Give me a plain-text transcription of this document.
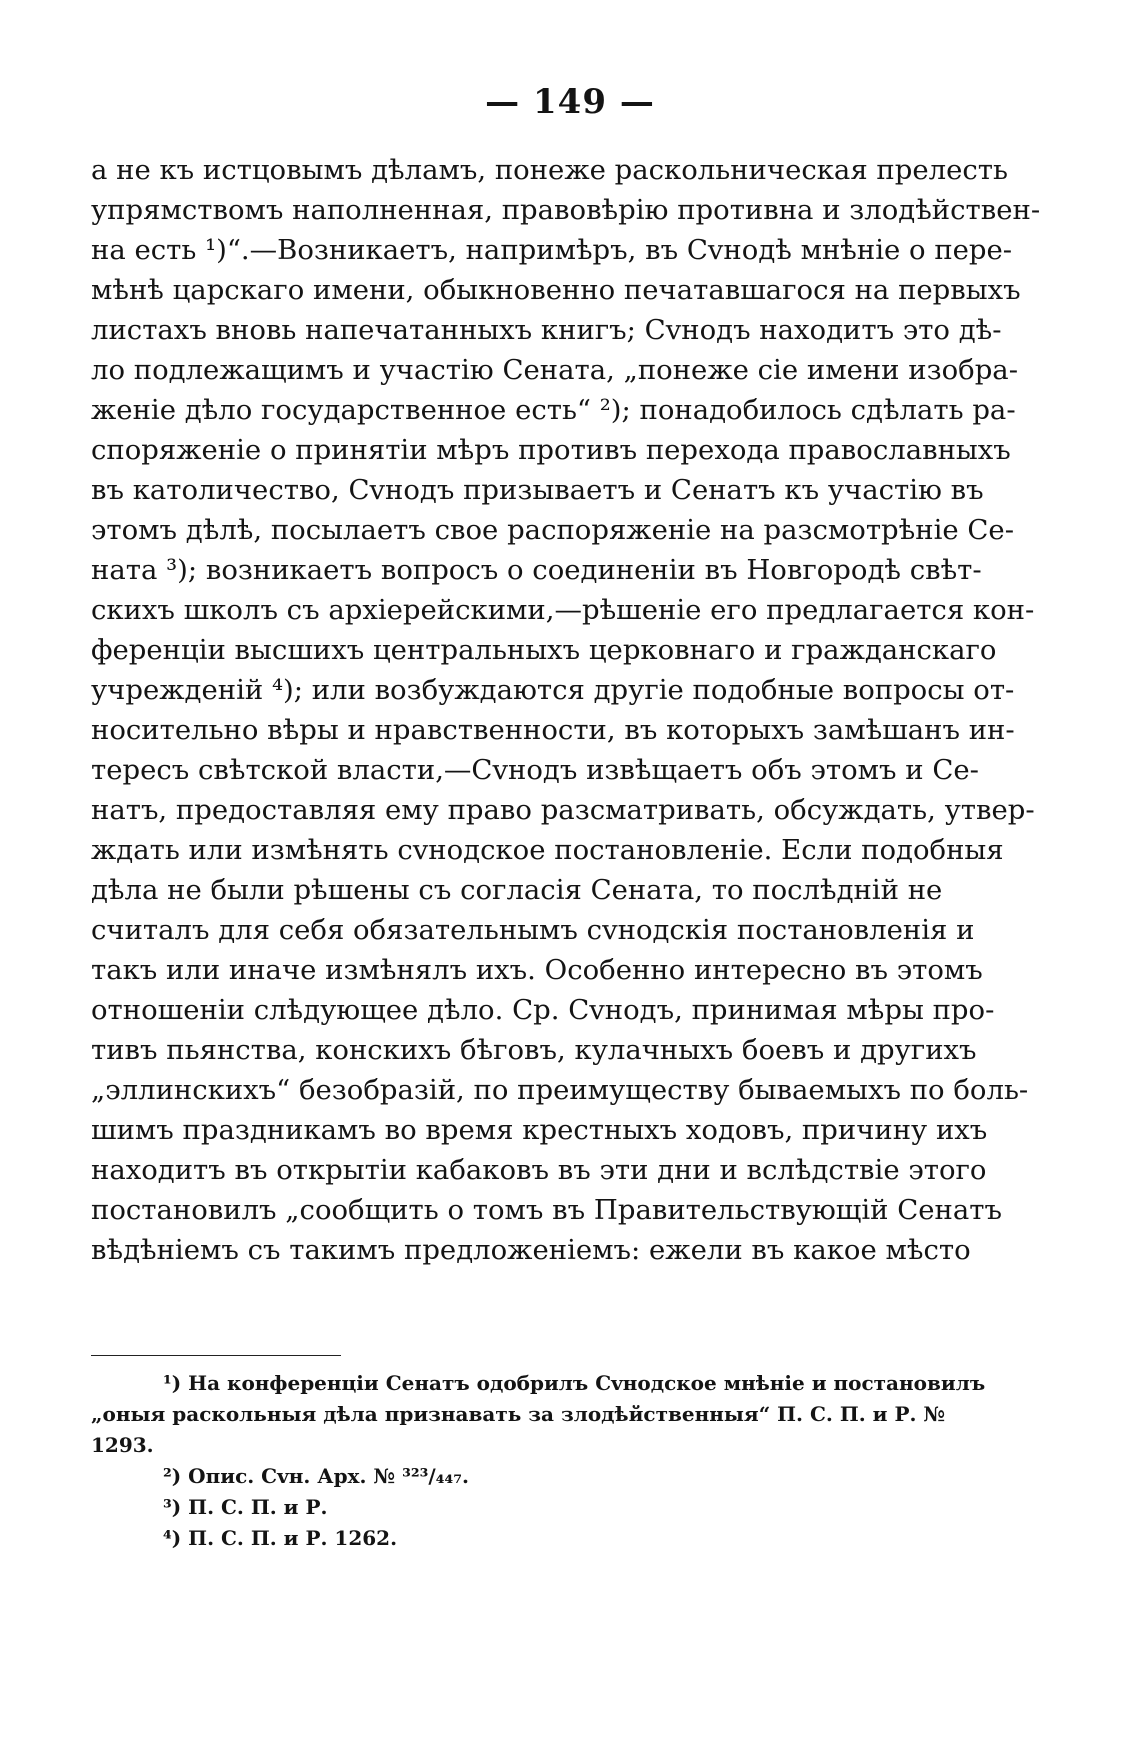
— 149 —
а не къ истцовымъ дѣламъ, понеже раскольническая прелесть
упрямствомъ наполненная, правовѣрію противна и злодѣйствен-
на есть ¹)“.—Возникаетъ, напримѣръ, въ Сvнодѣ мнѣніе о пере-
мѣнѣ царскаго имени, обыкновенно печатавшагося на первыхъ
листахъ вновь напечатанныхъ книгъ; Сvнодъ находитъ это дѣ-
ло подлежащимъ и участію Сената, „понеже сіе имени изобра-
женіе дѣло государственное есть“ ²); понадобилось сдѣлать ра-
споряженіе о принятіи мѣръ противъ перехода православныхъ
въ католичество, Сvнодъ призываетъ и Сенатъ къ участію въ
этомъ дѣлѣ, посылаетъ свое распоряженіе на разсмотрѣніе Се-
ната ³); возникаетъ вопросъ о соединеніи въ Новгородѣ свѣт-
скихъ школъ съ архіерейскими,—рѣшеніе его предлагается кон-
ференціи высшихъ центральныхъ церковнаго и гражданскаго
учрежденій ⁴); или возбуждаются другіе подобные вопросы от-
носительно вѣры и нравственности, въ которыхъ замѣшанъ ин-
тересъ свѣтской власти,—Сvнодъ извѣщаетъ объ этомъ и Се-
натъ, предоставляя ему право разсматривать, обсуждать, утвер-
ждать или измѣнять сvнодское постановленіе. Если подобныя
дѣла не были рѣшены съ согласія Сената, то послѣдній не
считалъ для себя обязательнымъ сvнодскія постановленія и
такъ или иначе измѣнялъ ихъ. Особенно интересно въ этомъ
отношеніи слѣдующее дѣло. Ср. Сvнодъ, принимая мѣры про-
тивъ пьянства, конскихъ бѣговъ, кулачныхъ боевъ и другихъ
„эллинскихъ“ безобразій, по преимуществу бываемыхъ по боль-
шимъ праздникамъ во время крестныхъ ходовъ, причину ихъ
находитъ въ открытіи кабаковъ въ эти дни и вслѣдствіе этого
постановилъ „сообщить о томъ въ Правительствующій Сенатъ
вѣдѣніемъ съ такимъ предложеніемъ: ежели въ какое мѣсто
¹) На конференціи Сенатъ одобрилъ Сvнодское мнѣніе и постановилъ
„оныя раскольныя дѣла признавать за злодѣйственныя“ П. С. П. и Р. №
1293.
²) Опис. Сvн. Арх. № ³²³/₄₄₇.
³) П. С. П. и Р.
⁴) П. С. П. и Р. 1262.
